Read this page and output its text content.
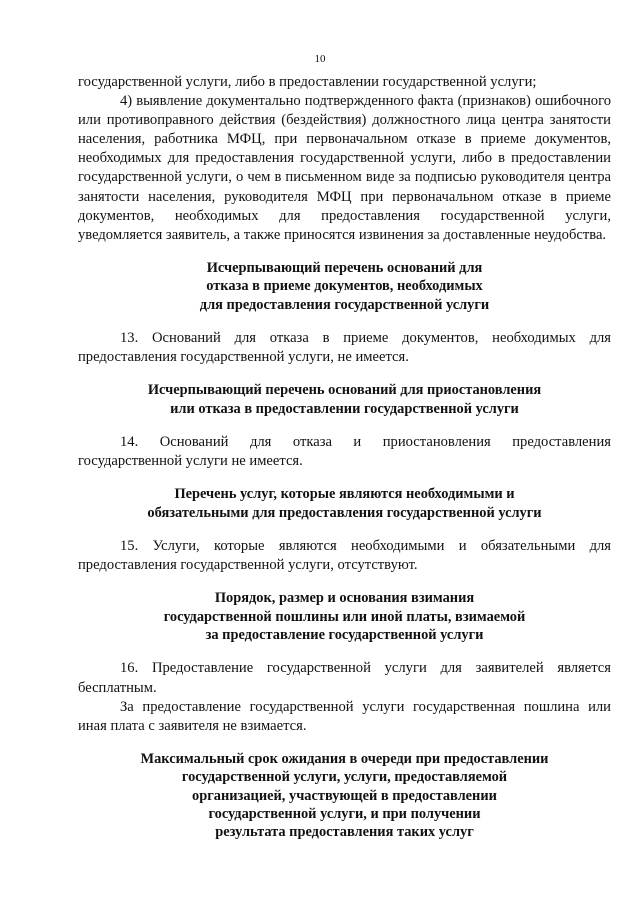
10

государственной услуги, либо в предоставлении государственной услуги;

4) выявление документально подтвержденного факта (признаков) ошибочного или противоправного действия (бездействия) должностного лица центра занятости населения, работника МФЦ, при первоначальном отказе в приеме документов, необходимых для предоставления государственной услуги, либо в предоставлении государственной услуги, о чем в письменном виде за подписью руководителя центра занятости населения, руководителя МФЦ при первоначальном отказе в приеме документов, необходимых для предоставления государственной услуги, уведомляется заявитель, а также приносятся извинения за доставленные неудобства.

Исчерпывающий перечень оснований для
отказа в приеме документов, необходимых
для предоставления государственной услуги

13. Оснований для отказа в приеме документов, необходимых для предоставления государственной услуги, не имеется.

Исчерпывающий перечень оснований для приостановления
или отказа в предоставлении государственной услуги

14. Оснований для отказа и приостановления предоставления государственной услуги не имеется.

Перечень услуг, которые являются необходимыми и
обязательными для предоставления государственной услуги

15. Услуги, которые являются необходимыми и обязательными для предоставления государственной услуги, отсутствуют.

Порядок, размер и основания взимания
государственной пошлины или иной платы, взимаемой
за предоставление государственной услуги

16. Предоставление государственной услуги для заявителей является бесплатным.

За предоставление государственной услуги государственная пошлина или иная плата с заявителя не взимается.

Максимальный срок ожидания в очереди при предоставлении
государственной услуги, услуги, предоставляемой
организацией, участвующей в предоставлении
государственной услуги, и при получении
результата предоставления таких услуг
